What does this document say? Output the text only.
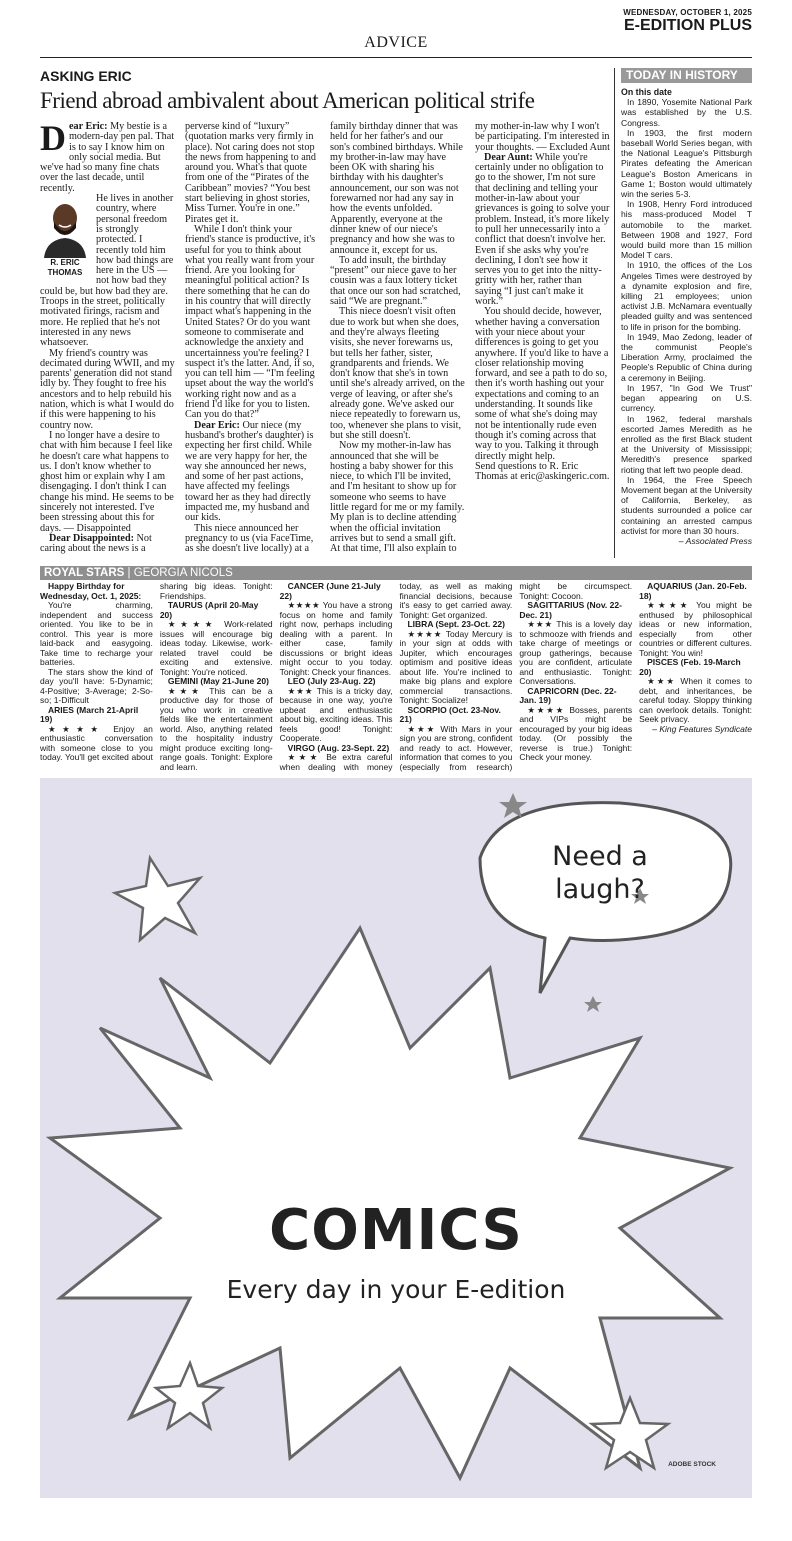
WEDNESDAY, OCTOBER 1, 2025
E-EDITION PLUS
ADVICE
ASKING ERIC
Friend abroad ambivalent about American political strife

Dear Eric: My bestie is a modern-day pen pal. That is to say I know him on only social media. But we've had so many fine chats over the last decade, until recently.

R. ERIC
THOMAS

He lives in another country, where personal freedom is strongly protected. I recently told him how bad things are here in the US — not how bad they could be, but how bad they are. Troops in the street, politically motivated firings, racism and more. He replied that he's not interested in any news whatsoever.

My friend's country was decimated during WWII, and my parents' generation did not stand idly by. They fought to free his ancestors and to help rebuild his nation, which is what I would do if this were happening to his country now.

I no longer have a desire to chat with him because I feel like he doesn't care what happens to us. I don't know whether to ghost him or explain why I am disengaging. I don't think I can change his mind. He seems to be sincerely not interested. I've been stressing about this for days. — Disappointed

Dear Disappointed: Not caring about the news is a perverse kind of “luxury” (quotation marks very firmly in place). Not caring does not stop the news from happening to and around you. What's that quote from one of the “Pirates of the Caribbean” movies? “You best start believing in ghost stories, Miss Turner. You're in one.” Pirates get it.

While I don't think your friend's stance is productive, it's useful for you to think about what you really want from your friend. Are you looking for meaningful political action? Is there something that he can do in his country that will directly impact what's happening in the United States? Or do you want someone to commiserate and acknowledge the anxiety and uncertainness you're feeling? I suspect it's the latter. And, if so, you can tell him — “I'm feeling upset about the way the world's working right now and as a friend I'd like for you to listen. Can you do that?”

Dear Eric: Our niece (my husband's brother's daughter) is expecting her first child. While we are very happy for her, the way she announced her news, and some of her past actions, have affected my feelings toward her as they had directly impacted me, my husband and our kids.

This niece announced her pregnancy to us (via FaceTime, as she doesn't live locally) at a family birthday dinner that was held for her father's and our son's combined birthdays. While my brother-in-law may have been OK with sharing his birthday with his daughter's announcement, our son was not forewarned nor had any say in how the events unfolded. Apparently, everyone at the dinner knew of our niece's pregnancy and how she was to announce it, except for us.

To add insult, the birthday “present” our niece gave to her cousin was a faux lottery ticket that once our son had scratched, said “We are pregnant.”

This niece doesn't visit often due to work but when she does, and they're always fleeting visits, she never forewarns us, but tells her father, sister, grandparents and friends. We don't know that she's in town until she's already arrived, on the verge of leaving, or after she's already gone. We've asked our niece repeatedly to forewarn us, too, whenever she plans to visit, but she still doesn't.

Now my mother-in-law has announced that she will be hosting a baby shower for this niece, to which I'll be invited, and I'm hesitant to show up for someone who seems to have little regard for me or my family. My plan is to decline attending when the official invitation arrives but to send a small gift. At that time, I'll also explain to my mother-in-law why I won't be participating. I'm interested in your thoughts. — Excluded Aunt

Dear Aunt: While you're certainly under no obligation to go to the shower, I'm not sure that declining and telling your mother-in-law about your grievances is going to solve your problem. Instead, it's more likely to pull her unnecessarily into a conflict that doesn't involve her. Even if she asks why you're declining, I don't see how it serves you to get into the nitty-gritty with her, rather than saying “I just can't make it work.”

You should decide, however, whether having a conversation with your niece about your differences is going to get you anywhere. If you'd like to have a closer relationship moving forward, and see a path to do so, then it's worth hashing out your expectations and coming to an understanding. It sounds like some of what she's doing may not be intentionally rude even though it's coming across that way to you. Talking it through directly might help.

Send questions to R. Eric Thomas at eric@askingeric.com.

TODAY IN HISTORY
On this date

In 1890, Yosemite National Park was established by the U.S. Congress.

In 1903, the first modern baseball World Series began, with the National League's Pittsburgh Pirates defeating the American League's Boston Americans in Game 1; Boston would ultimately win the series 5-3.

In 1908, Henry Ford introduced his mass-produced Model T automobile to the market. Between 1908 and 1927, Ford would build more than 15 million Model T cars.

In 1910, the offices of the Los Angeles Times were destroyed by a dynamite explosion and fire, killing 21 employees; union activist J.B. McNamara eventually pleaded guilty and was sentenced to life in prison for the bombing.

In 1949, Mao Zedong, leader of the communist People's Liberation Army, proclaimed the People's Republic of China during a ceremony in Beijing.

In 1957, "In God We Trust" began appearing on U.S. currency.

In 1962, federal marshals escorted James Meredith as he enrolled as the first Black student at the University of Mississippi; Meredith's presence sparked rioting that left two people dead.

In 1964, the Free Speech Movement began at the University of California, Berkeley, as students surrounded a police car containing an arrested campus activist for more than 30 hours.

– Associated Press
ROYAL STARS | GEORGIA NICOLS
Happy Birthday for Wednesday, Oct. 1, 2025:

You're charming, independent and success oriented. You like to be in control. This year is more laid-back and easygoing. Take time to recharge your batteries.

The stars show the kind of day you'll have: 5-Dynamic; 4-Positive; 3-Average; 2-So-so; 1-Difficult

ARIES (March 21-April 19)

★★★★ Enjoy an enthusiastic conversation with someone close to you today. You'll get excited about sharing big ideas. Tonight: Friendships.

TAURUS (April 20-May 20)

★★★★ Work-related issues will encourage big ideas today. Likewise, work-related travel could be exciting and extensive. Tonight: You're noticed.

GEMINI (May 21-June 20)

★★★ This can be a productive day for those of you who work in creative fields like the entertainment world. Also, anything related to the hospitality industry might produce exciting long-range goals. Tonight: Explore and learn.

CANCER (June 21-July 22)

★★★★ You have a strong focus on home and family right now, perhaps including dealing with a parent. In either case, family discussions or bright ideas might occur to you today. Tonight: Check your finances.

LEO (July 23-Aug. 22)

★★★ This is a tricky day, because in one way, you're upbeat and enthusiastic about big, exciting ideas. This feels good! Tonight: Cooperate.

VIRGO (Aug. 23-Sept. 22)

★★★ Be extra careful when dealing with money today, as well as making financial decisions, because it's easy to get carried away. Tonight: Get organized.

LIBRA (Sept. 23-Oct. 22)

★★★★ Today Mercury is in your sign at odds with Jupiter, which encourages optimism and positive ideas about life. You're inclined to make big plans and explore commercial transactions. Tonight: Socialize!

SCORPIO (Oct. 23-Nov. 21)

★★★ With Mars in your sign you are strong, confident and ready to act. However, information that comes to you (especially from research) might be circumspect. Tonight: Cocoon.

SAGITTARIUS (Nov. 22-Dec. 21)

★★★ This is a lovely day to schmooze with friends and take charge of meetings or group gatherings, because you are confident, articulate and enthusiastic. Tonight: Conversations.

CAPRICORN (Dec. 22-Jan. 19)

★★★★ Bosses, parents and VIPs might be encouraged by your big ideas today. (Or possibly the reverse is true.) Tonight: Check your money.

AQUARIUS (Jan. 20-Feb. 18)

★★★★ You might be enthused by philosophical ideas or new information, especially from other countries or different cultures. Tonight: You win!

PISCES (Feb. 19-March 20)

★★★ When it comes to debt, and inheritances, be careful today. Sloppy thinking can overlook details. Tonight: Seek privacy.

– King Features Syndicate
Need a laugh?
COMICS
Every day in your E-edition
ADOBE STOCK
